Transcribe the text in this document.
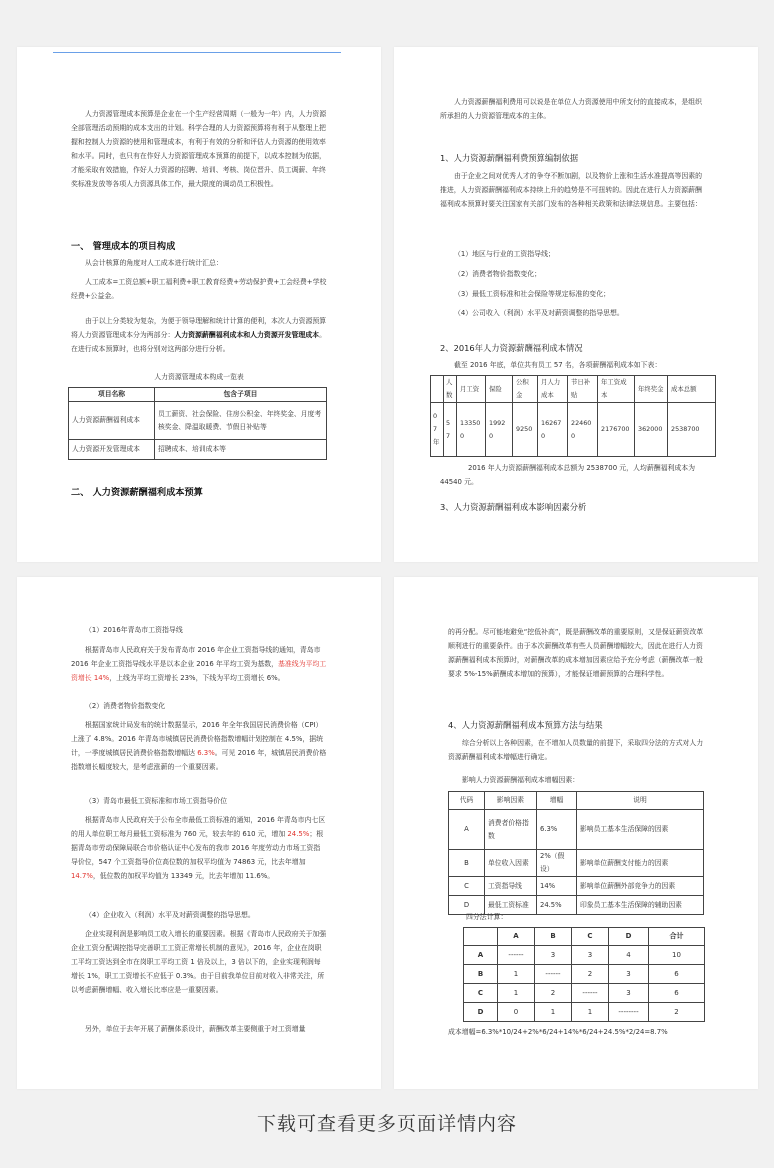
人力资源管理成本预算是企业在一个生产经营周期（一般为一年）内，人力资源全部管理活动预期的成本支出的计划。科学合理的人力资源预算将有利于从整理上把握和控制人力资源的使用和管理成本，有利于有效的分析和评估人力资源的使用效率和水平。同时，也只有在作好人力资源管理成本预算的前提下，以成本控制为依据，才能采取有效措施，作好人力资源的招聘、培训、考核、岗位晋升、员工调薪、年终奖标准发放等各项人力资源具体工作，最大限度的调动员工积极性。
一、 管理成本的项目构成
从会计核算的角度对人工成本进行统计汇总：
人工成本=工资总额+职工福利费+职工教育经费+劳动保护费+工会经费+学校经费+公益金。
由于以上分类较为复杂，为便于领导理解和统计计算的便利，本次人力资源预算将人力资源管理成本分为两部分：人力资源薪酬福利成本和人力资源开发管理成本。在进行成本预算时，也将分别对这两部分进行分析。
人力资源管理成本构成一览表
项目名称	包含子项目
人力资源薪酬福利成本	员工薪资、社会保险、住房公积金、年终奖金、月度考核奖金、降温取暖费、节假日补贴等
人力资源开发管理成本	招聘成本、培训成本等
二、 人力资源薪酬福利成本预算
人力资源薪酬福利费用可以说是在单位人力资源使用中所支付的直接成本，是组织所承担的人力资源管理成本的主体。
1、人力资源薪酬福利费预算编制依据
由于企业之间对优秀人才的争夺不断加剧，以及物价上涨和生活水准提高等因素的推进，人力资源薪酬福利成本持续上升的趋势是不可扭转的。因此在进行人力资源薪酬福利成本预算时要关注国家有关部门发布的各种相关政策和法律法规信息。主要包括：
（1）地区与行业的工资指导线；
（2）消费者物价指数变化；
（3）最低工资标准和社会保险等规定标准的变化；
（4）公司收入（利润）水平及对薪资调整的指导思想。
2、2016年人力资源薪酬福利成本情况
截至 2016 年底，单位共有员工 57 名，各项薪酬福利成本如下表：
	人数	月工资	保险	公积金	月人力成本	节日补贴	年工资成本	年终奖金	成本总额
07年	57	133500	19920	9250	162670	224600	2176700	362000	2538700
2016 年人力资源薪酬福利成本总额为 2538700 元，人均薪酬福利成本为44540 元。
3、人力资源薪酬福利成本影响因素分析
（1）2016年青岛市工资指导线
根据青岛市人民政府关于发布青岛市 2016 年企业工资指导线的通知，青岛市 2016 年企业工资指导线水平是以本企业 2016 年平均工资为基数，基准线为平均工资增长 14%，上线为平均工资增长 23%，下线为平均工资增长 6%。
（2）消费者物价指数变化
根据国家统计局发布的统计数据显示，2016 年全年我国居民消费价格（CPI）上涨了 4.8%。2016 年青岛市城镇居民消费价格指数增幅计划控制在 4.5%，据统计，一季度城镇居民消费价格指数增幅达 6.3%。可见 2016 年，城镇居民消费价格指数增长幅度较大，是考虑涨薪的一个重要因素。
（3）青岛市最低工资标准和市场工资指导价位
根据青岛市人民政府关于公布全市最低工资标准的通知，2016 年青岛市内七区的用人单位职工每月最低工资标准为 760 元，较去年的 610 元，增加 24.5%；根据青岛市劳动保障局联合市价格认证中心发布的我市 2016 年度劳动力市场工资指导价位，547 个工资指导价位高位数的加权平均值为 74863 元，比去年增加 14.7%，低位数的加权平均值为 13349 元，比去年增加 11.6%。
（4）企业收入（利润）水平及对薪资调整的指导思想。
企业实现利润是影响员工收入增长的重要因素。根据《青岛市人民政府关于加强企业工资分配调控指导完善职工工资正常增长机制的意见》，2016 年，企业在岗职工平均工资达到全市在岗职工平均工资 1 倍及以上，3 倍以下的，企业实现利润每增长 1%，职工工资增长不应低于 0.3%。由于目前我单位目前对收入非常关注，所以考虑薪酬增幅、收入增长比率应是一重要因素。
另外，单位于去年开展了薪酬体系设计，薪酬改革主要侧重于对工资增量
的再分配。尽可能地避免“挖低补高”，既是薪酬改革的重要原则，又是保证薪资改革顺利进行的重要条件。由于本次薪酬改革有些人员薪酬增幅较大，因此在进行人力资源薪酬福利成本预算时，对薪酬改革的成本增加因素应给予充分考虑（薪酬改革一般要求 5%-15%薪酬成本增加的预算），才能保证增薪预算的合理科学性。
4、人力资源薪酬福利成本预算方法与结果
综合分析以上各种因素，在不增加人员数量的前提下，采取四分法的方式对人力资源薪酬福利成本增幅进行确定。
影响人力资源薪酬福利成本增幅因素：
代码	影响因素	增幅	说明
A	消费者价格指数	6.3%	影响员工基本生活保障的因素
B	单位收入因素	2%（假设）	影响单位薪酬支付能力的因素
C	工资指导线	14%	影响单位薪酬外部竞争力的因素
D	最低工资标准	24.5%	印象员工基本生活保障的辅助因素
四分法计算：
	A	B	C	D	合计
A	------	3	3	4	10
B	1	------	2	3	6
C	1	2	------	3	6
D	0	1	1	--------	2
成本增幅=6.3%*10/24+2%*6/24+14%*6/24+24.5%*2/24=8.7%
下载可查看更多页面详情内容
